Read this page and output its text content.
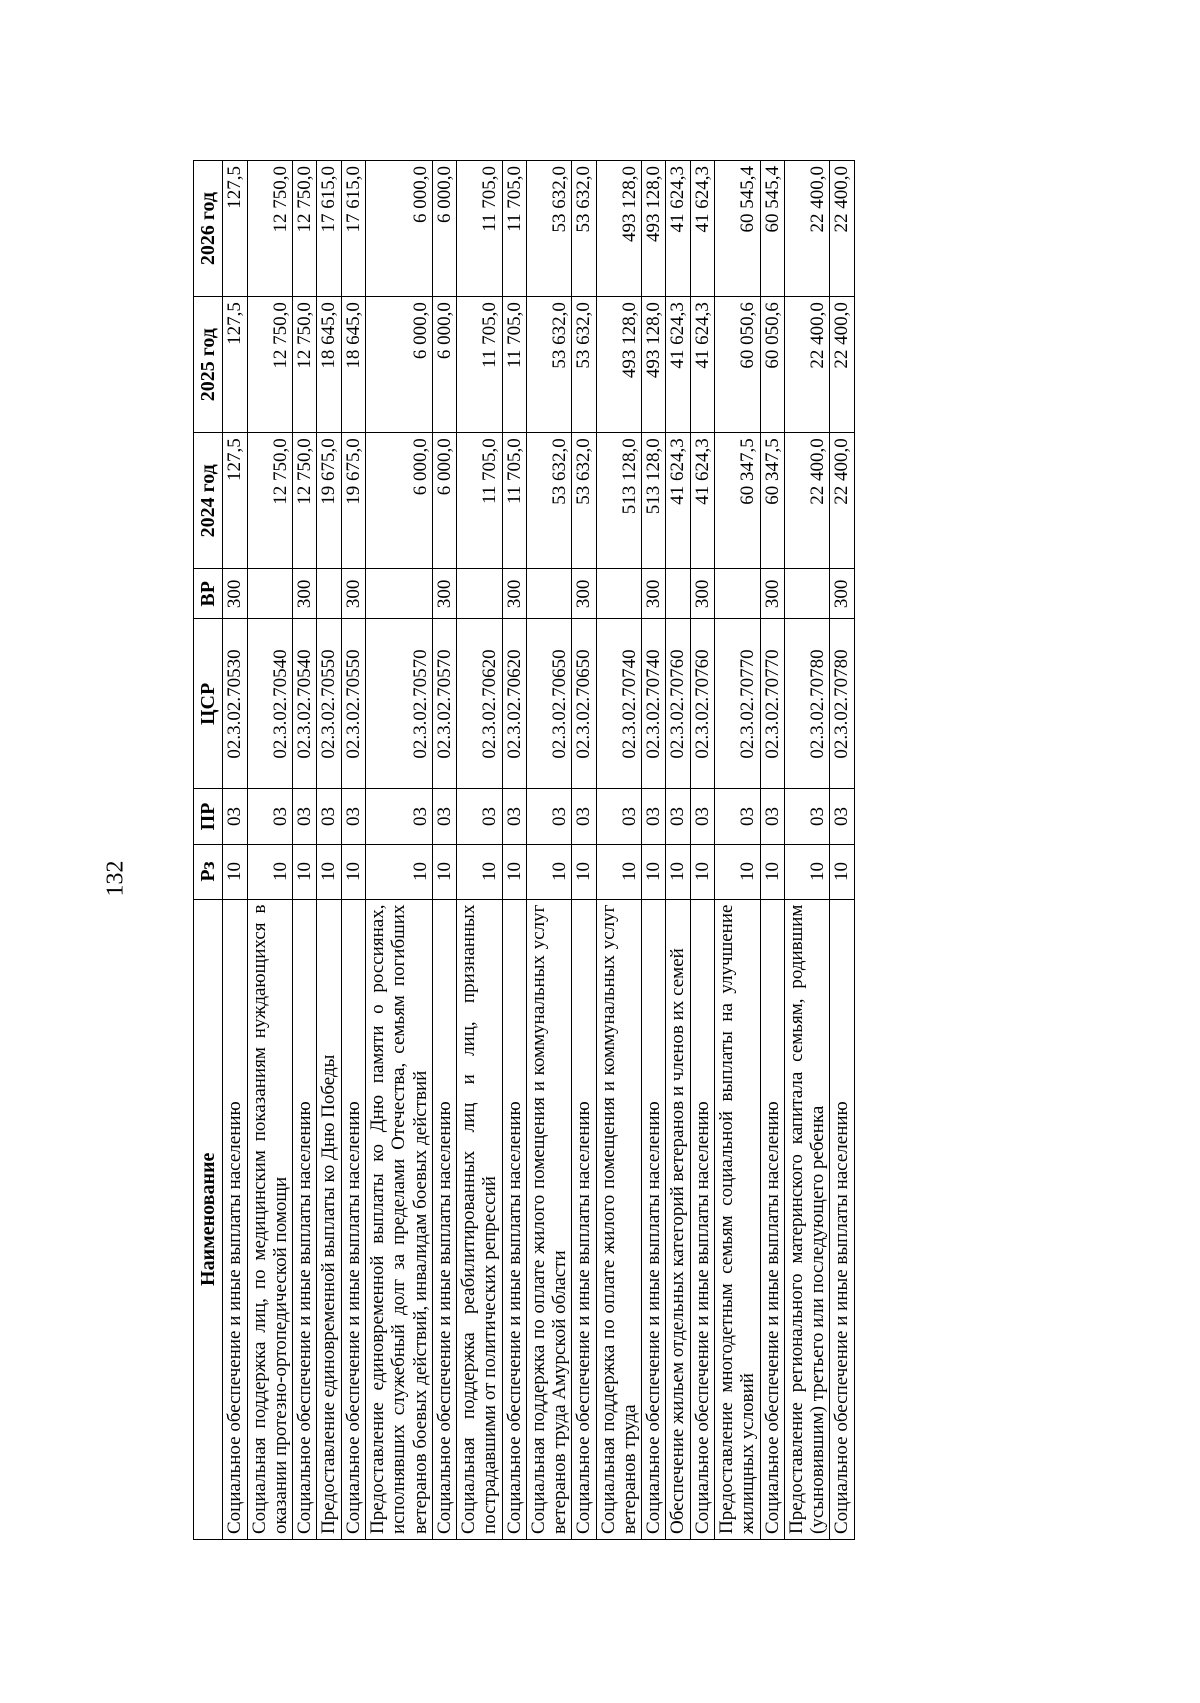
132
Наименование	Рз	ПР	ЦСР	ВР	2024 год	2025 год	2026 год
Социальное обеспечение и иные выплаты населению	10	03	02.3.02.70530	300	127,5	127,5	127,5
Социальная поддержка лиц, по медицинским показаниям нуждающихся в оказании протезно-ортопедической помощи	10	03	02.3.02.70540		12 750,0	12 750,0	12 750,0
Социальное обеспечение и иные выплаты населению	10	03	02.3.02.70540	300	12 750,0	12 750,0	12 750,0
Предоставление единовременной выплаты ко Дню Победы	10	03	02.3.02.70550		19 675,0	18 645,0	17 615,0
Социальное обеспечение и иные выплаты населению	10	03	02.3.02.70550	300	19 675,0	18 645,0	17 615,0
Предоставление единовременной выплаты ко Дню памяти о россиянах, исполнявших служебный долг за пределами Отечества, семьям погибших ветеранов боевых действий, инвалидам боевых действий	10	03	02.3.02.70570		6 000,0	6 000,0	6 000,0
Социальное обеспечение и иные выплаты населению	10	03	02.3.02.70570	300	6 000,0	6 000,0	6 000,0
Социальная поддержка реабилитированных лиц и лиц, признанных пострадавшими от политических репрессий	10	03	02.3.02.70620		11 705,0	11 705,0	11 705,0
Социальное обеспечение и иные выплаты населению	10	03	02.3.02.70620	300	11 705,0	11 705,0	11 705,0
Социальная поддержка по оплате жилого помещения и коммунальных услуг ветеранов труда Амурской области	10	03	02.3.02.70650		53 632,0	53 632,0	53 632,0
Социальное обеспечение и иные выплаты населению	10	03	02.3.02.70650	300	53 632,0	53 632,0	53 632,0
Социальная поддержка по оплате жилого помещения и коммунальных услуг ветеранов труда	10	03	02.3.02.70740		513 128,0	493 128,0	493 128,0
Социальное обеспечение и иные выплаты населению	10	03	02.3.02.70740	300	513 128,0	493 128,0	493 128,0
Обеспечение жильем отдельных категорий ветеранов и членов их семей	10	03	02.3.02.70760		41 624,3	41 624,3	41 624,3
Социальное обеспечение и иные выплаты населению	10	03	02.3.02.70760	300	41 624,3	41 624,3	41 624,3
Предоставление многодетным семьям социальной выплаты на улучшение жилищных условий	10	03	02.3.02.70770		60 347,5	60 050,6	60 545,4
Социальное обеспечение и иные выплаты населению	10	03	02.3.02.70770	300	60 347,5	60 050,6	60 545,4
Предоставление регионального материнского капитала семьям, родившим (усыновившим) третьего или последующего ребенка	10	03	02.3.02.70780		22 400,0	22 400,0	22 400,0
Социальное обеспечение и иные выплаты населению	10	03	02.3.02.70780	300	22 400,0	22 400,0	22 400,0
